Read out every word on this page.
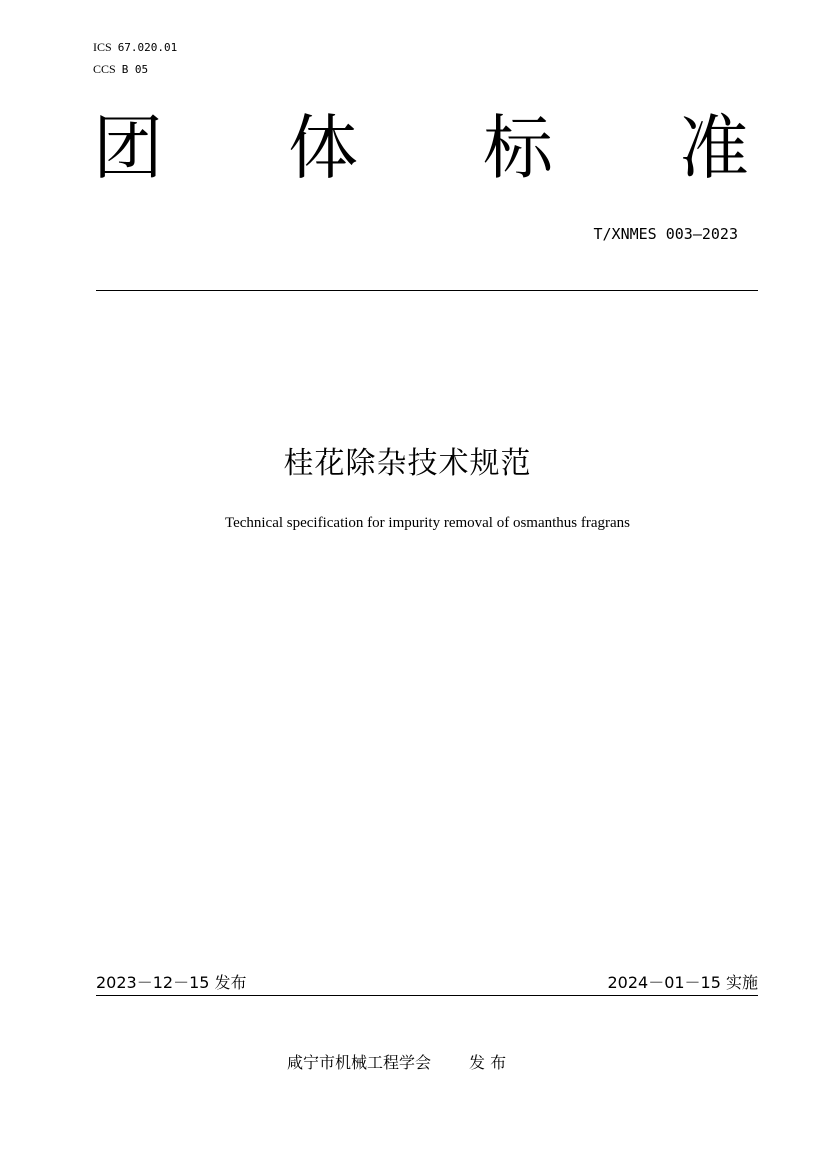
ICS 67.020.01
CCS B 05
团 体 标 准
T/XNMES 003—2023
桂花除杂技术规范
Technical specification for impurity removal of osmanthus fragrans
2023－12－15 发布	2024－01－15 实施
咸宁市机械工程学会 发 布
